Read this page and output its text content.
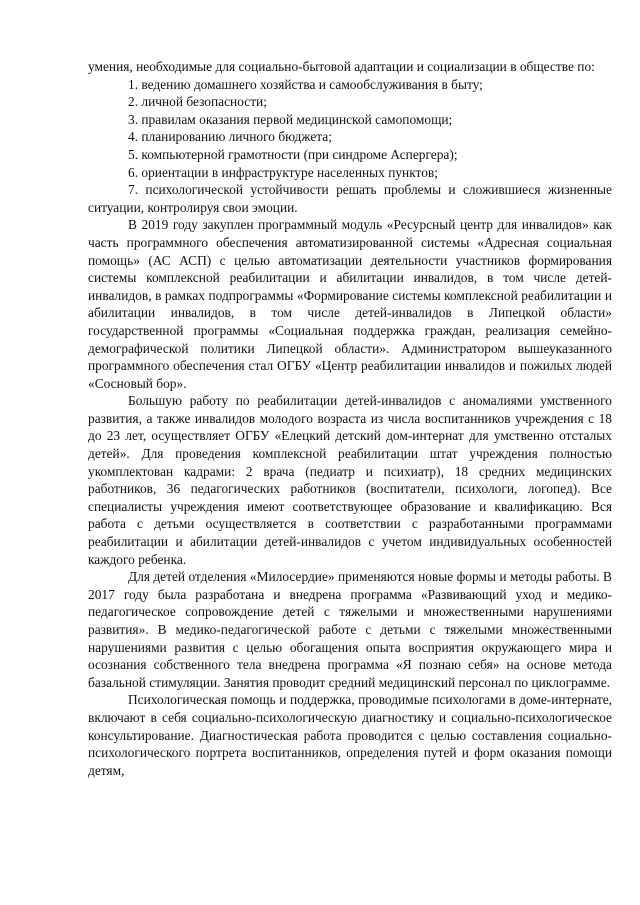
умения, необходимые для социально-бытовой адаптации и социализации в обществе по:

1. ведению домашнего хозяйства и самообслуживания в быту;
2. личной безопасности;
3. правилам оказания первой медицинской самопомощи;
4. планированию личного бюджета;
5. компьютерной грамотности (при синдроме Аспергера);
6. ориентации в инфраструктуре населенных пунктов;
7. психологической устойчивости решать проблемы и сложившиеся жизненные ситуации, контролируя свои эмоции.

В 2019 году закуплен программный модуль «Ресурсный центр для инвалидов» как часть программного обеспечения автоматизированной системы «Адресная социальная помощь» (АС АСП) с целью автоматизации деятельности участников формирования системы комплексной реабилитации и абилитации инвалидов, в том числе детей-инвалидов, в рамках подпрограммы «Формирование системы комплексной реабилитации и абилитации инвалидов, в том числе детей-инвалидов в Липецкой области» государственной программы «Социальная поддержка граждан, реализация семейно-демографической политики Липецкой области». Администратором вышеуказанного программного обеспечения стал ОГБУ «Центр реабилитации инвалидов и пожилых людей «Сосновый бор».

Большую работу по реабилитации детей-инвалидов с аномалиями умственного развития, а также инвалидов молодого возраста из числа воспитанников учреждения с 18 до 23 лет, осуществляет ОГБУ «Елецкий детский дом-интернат для умственно отсталых детей». Для проведения комплексной реабилитации штат учреждения полностью укомплектован кадрами: 2 врача (педиатр и психиатр), 18 средних медицинских работников, 36 педагогических работников (воспитатели, психологи, логопед). Все специалисты учреждения имеют соответствующее образование и квалификацию. Вся работа с детьми осуществляется в соответствии с разработанными программами реабилитации и абилитации детей-инвалидов с учетом индивидуальных особенностей каждого ребенка.

Для детей отделения «Милосердие» применяются новые формы и методы работы. В 2017 году была разработана и внедрена программа «Развивающий уход и медико-педагогическое сопровождение детей с тяжелыми и множественными нарушениями развития». В медико-педагогической работе с детьми с тяжелыми множественными нарушениями развития с целью обогащения опыта восприятия окружающего мира и осознания собственного тела внедрена программа «Я познаю себя» на основе метода базальной стимуляции. Занятия проводит средний медицинский персонал по циклограмме.

Психологическая помощь и поддержка, проводимые психологами в доме-интернате, включают в себя социально-психологическую диагностику и социально-психологическое консультирование. Диагностическая работа проводится с целью составления социально-психологического портрета воспитанников, определения путей и форм оказания помощи детям,
